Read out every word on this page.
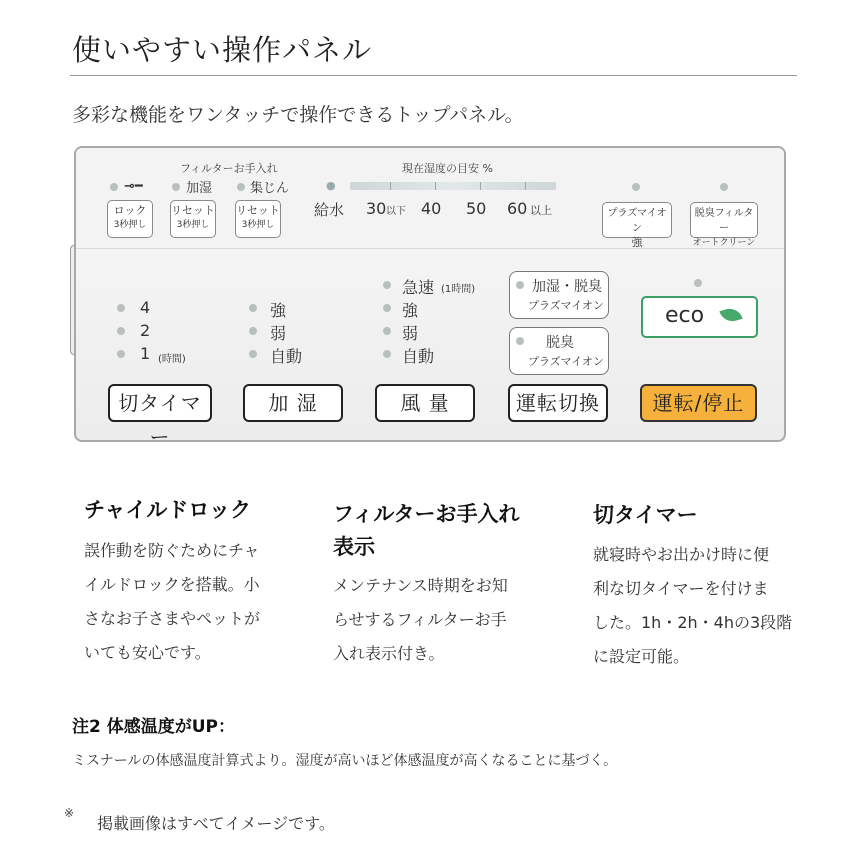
使いやすい操作パネル
多彩な機能をワンタッチで操作できるトップパネル。
フィルターお手入れ
⊸━	加湿	集じん
ロック
3秒押し
リセット
3秒押し
リセット
3秒押し
●
給水
現在湿度の目安 %
30 以下 40 50 60 以上	プラズマイオン
強
脱臭フィルター
オートクリーン
4
2
1 (時間)
強
弱
自動
急速 (1時間)
強
弱
自動
加湿・脱臭
プラズマイオン
脱臭
プラズマイオン
eco
切タイマー
加 湿	風 量	運転切換	運転/停止
チャイルドロック
誤作動を防ぐためにチャ
イルドロックを搭載。小
さなお子さまやペットが
いても安心です。
フィルターお手入れ
表示
メンテナンス時期をお知
らせするフィルターお手
入れ表示付き。
切タイマー
就寝時やお出かけ時に便
利な切タイマーを付けま
した。1h・2h・4hの3段階
に設定可能。
注2 体感温度がUP：
ミスナールの体感温度計算式より。湿度が高いほど体感温度が高くなることに基づく。
※
掲載画像はすべてイメージです。
